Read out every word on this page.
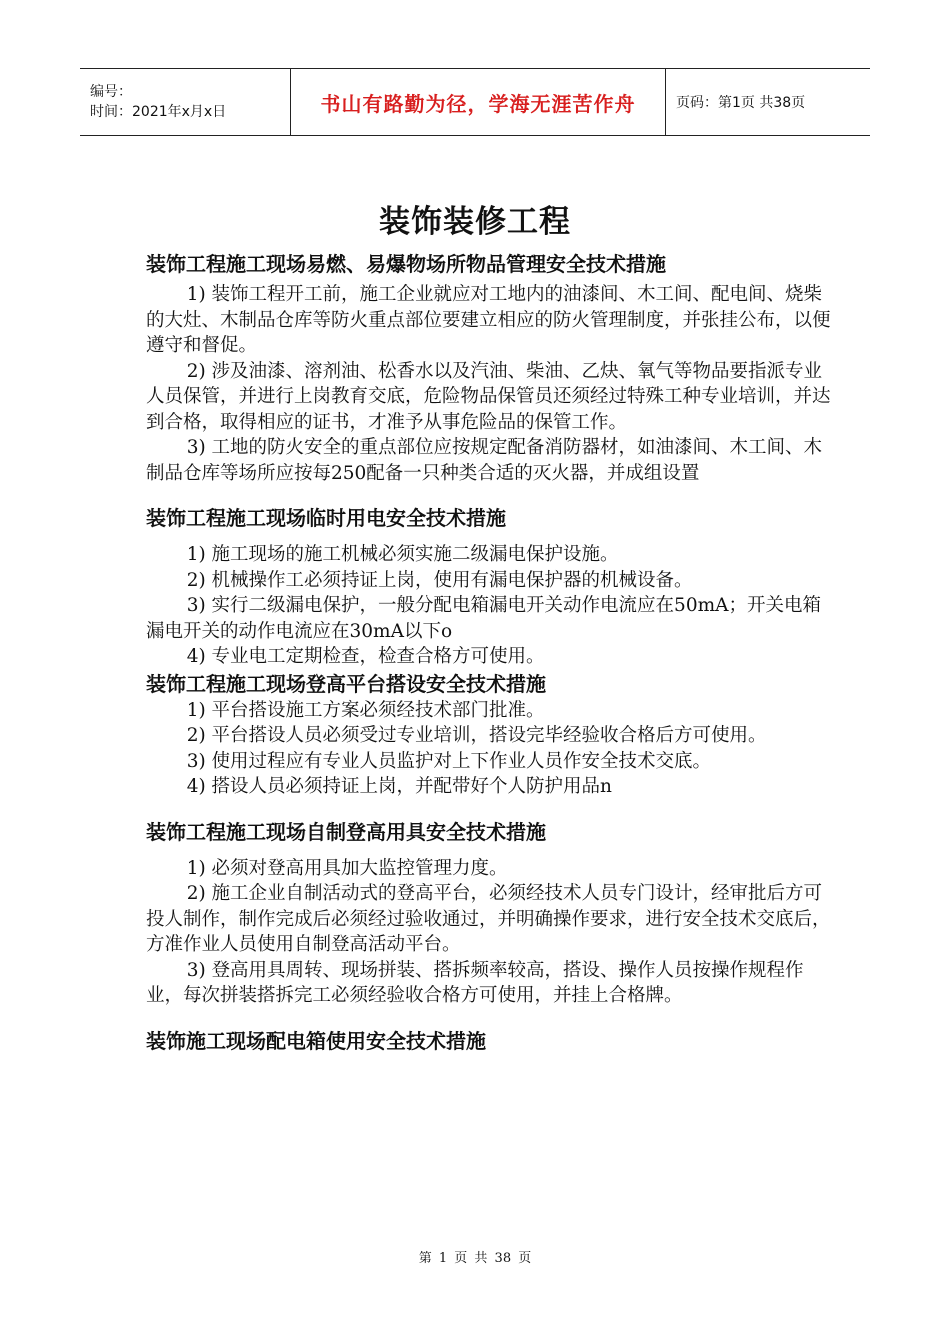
编号：
时间：2021年x月x日	书山有路勤为径，学海无涯苦作舟	页码：第1页 共38页
装饰装修工程
装饰工程施工现场易燃、易爆物场所物品管理安全技术措施

1) 装饰工程开工前，施工企业就应对工地内的油漆间、木工间、配电间、烧柴的大灶、木制品仓库等防火重点部位要建立相应的防火管理制度，并张挂公布，以便遵守和督促。

2) 涉及油漆、溶剂油、松香水以及汽油、柴油、乙炔、氧气等物品要指派专业人员保管，并进行上岗教育交底，危险物品保管员还须经过特殊工种专业培训，并达到合格，取得相应的证书，才准予从事危险品的保管工作。

3) 工地的防火安全的重点部位应按规定配备消防器材，如油漆间、木工间、木制品仓库等场所应按每250配备一只种类合适的灭火器，并成组设置

装饰工程施工现场临时用电安全技术措施

1) 施工现场的施工机械必须实施二级漏电保护设施。

2) 机械操作工必须持证上岗，使用有漏电保护器的机械设备。

3) 实行二级漏电保护，一般分配电箱漏电开关动作电流应在50mA；开关电箱漏电开关的动作电流应在30mA以下o

4) 专业电工定期检查，检查合格方可使用。

装饰工程施工现场登高平台搭设安全技术措施

1) 平台搭设施工方案必须经技术部门批准。

2) 平台搭设人员必须受过专业培训，搭设完毕经验收合格后方可使用。

3) 使用过程应有专业人员监护对上下作业人员作安全技术交底。

4) 搭设人员必须持证上岗，并配带好个人防护用品n

装饰工程施工现场自制登高用具安全技术措施

1) 必须对登高用具加大监控管理力度。

2) 施工企业自制活动式的登高平台，必须经技术人员专门设计，经审批后方可投人制作，制作完成后必须经过验收通过，并明确操作要求，进行安全技术交底后，方准作业人员使用自制登高活动平台。

3) 登高用具周转、现场拼装、搭拆频率较高，搭设、操作人员按操作规程作业，每次拼装搭拆完工必须经验收合格方可使用，并挂上合格牌。

装饰施工现场配电箱使用安全技术措施
第 1 页 共 38 页
